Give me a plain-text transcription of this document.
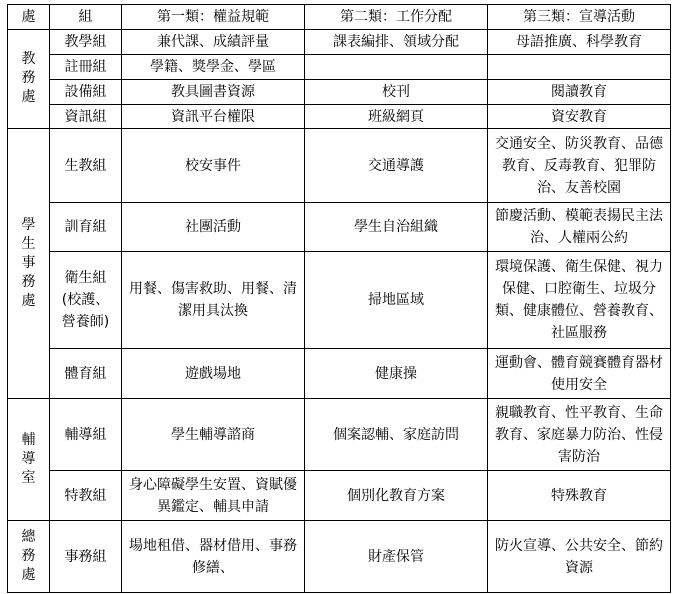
處	組	第一類：權益規範	第二類：工作分配	第三類：宣導活動
教務處	教學組	兼代課、成績評量	課表編排、領域分配	母語推廣、科學教育
	註冊組	學籍、獎學金、學區		
	設備組	教具圖書資源	校刊	閱讀教育
	資訊組	資訊平台權限	班級網頁	資安教育
學生事務處	生教組	校安事件	交通導護	交通安全、防災教育、品德教育、反毒教育、犯罪防治、友善校園
	訓育組	社團活動	學生自治組織	節慶活動、模範表揚民主法治、人權兩公約
	衛生組(校護、營養師)	用餐、傷害救助、用餐、清潔用具汰換	掃地區域	環境保護、衛生保健、視力保健、口腔衛生、垃圾分類、健康體位、營養教育、社區服務
	體育組	遊戲場地	健康操	運動會、體育競賽體育器材使用安全
輔導室	輔導組	學生輔導諮商	個案認輔、家庭訪問	親職教育、性平教育、生命教育、家庭暴力防治、性侵害防治
	特教組	身心障礙學生安置、資賦優異鑑定、輔具申請	個別化教育方案	特殊教育
總務處	事務組	場地租借、器材借用、事務修繕、	財產保管	防火宣導、公共安全、節約資源
